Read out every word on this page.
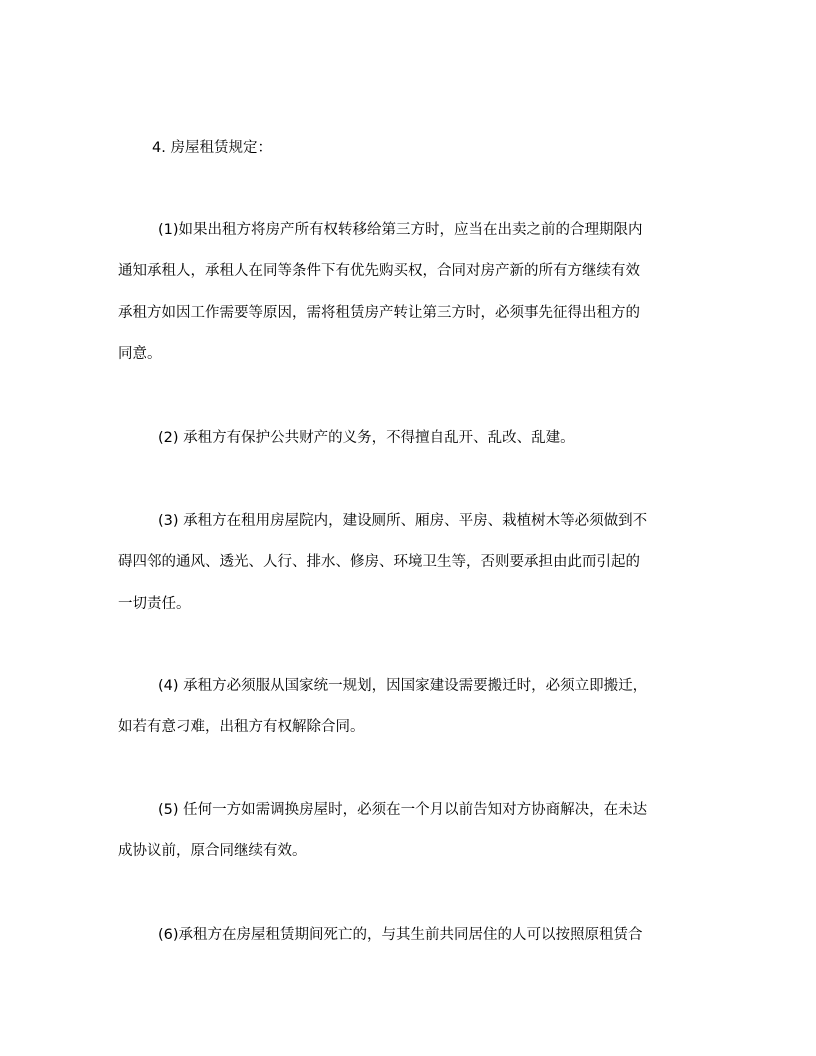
4. 房屋租赁规定：
(1)如果出租方将房产所有权转移给第三方时，应当在出卖之前的合理期限内
通知承租人，承租人在同等条件下有优先购买权，合同对房产新的所有方继续有效
承租方如因工作需要等原因，需将租赁房产转让第三方时，必须事先征得出租方的
同意。
(2) 承租方有保护公共财产的义务，不得擅自乱开、乱改、乱建。
(3) 承租方在租用房屋院内，建设厕所、厢房、平房、栽植树木等必须做到不
碍四邻的通风、透光、人行、排水、修房、环境卫生等，否则要承担由此而引起的
一切责任。
(4) 承租方必须服从国家统一规划，因国家建设需要搬迁时，必须立即搬迁，
如若有意刁难，出租方有权解除合同。
(5) 任何一方如需调换房屋时，必须在一个月以前告知对方协商解决，在未达
成协议前，原合同继续有效。
(6)承租方在房屋租赁期间死亡的，与其生前共同居住的人可以按照原租赁合
